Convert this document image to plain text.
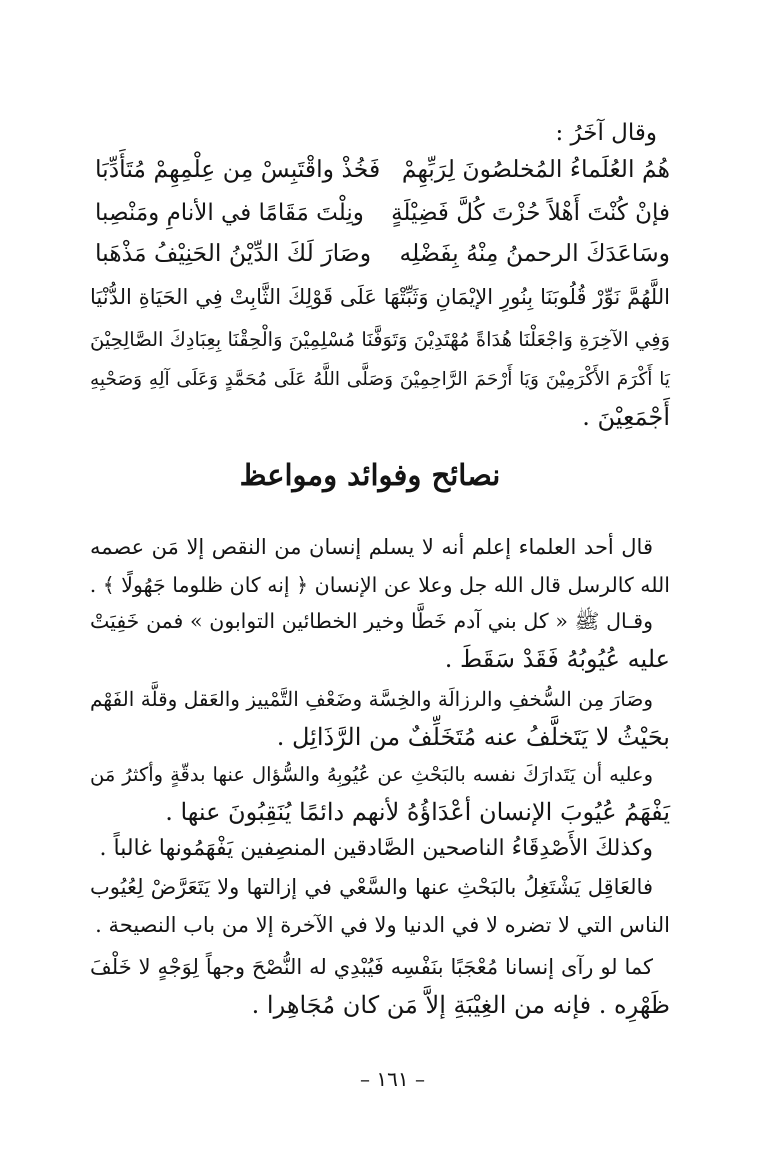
وقال آخَرُ :
هُمُ العُلَماءُ المُخلصُونَ لِرَبِّهِمْ
فَخُذْ واقْتَبِسْ مِن عِلْمِهِمْ مُتَأَدِّبَا
فإنْ كُنْتَ أَهْلاً حُزْتَ كُلَّ فَضِيْلَةٍ
ونِلْتَ مَقَامًا في الأنامِ ومَنْصِبا
وسَاعَدَكَ الرحمنُ مِنْهُ بِفَضْلِه
وصَارَ لَكَ الدِّيْنُ الحَنِيْفُ مَذْهَبا
اللَّهُمَّ نَوِّرْ قُلُوبَنَا بِنُورِ الإيْمَانِ وَثَبِّتْهَا عَلَى قَوْلِكَ الثَّابِتْ فِي الحَيَاةِ الدُّنْيَا
وَفِي الآخِرَةِ وَاجْعَلْنَا هُدَاةً مُهْتَدِيْنَ وَتَوَفَّنَا مُسْلِمِيْنَ وَالْحِقْنَا بِعِبَادِكَ الصَّالِحِيْنَ
يَا أَكْرَمَ الأَكْرَمِيْنَ وَيَا أَرْحَمَ الرَّاحِمِيْنَ وَصَلَّى اللَّهُ عَلَى مُحَمَّدٍ وَعَلَى آلِهِ وَصَحْبِهِ
أَجْمَعِيْنَ .
نصائح وفوائد ومواعظ
قال أحد العلماء إعلم أنه لا يسلم إنسان من النقص إلا مَن عصمه
الله كالرسل قال الله جل وعلا عن الإنسان ﴿ إنه كان ظلوما جَهُولًا ﴾ .
وقـال ﷺ « كل بني آدم خَطَّا وخير الخطائين التوابون » فمن خَفِيَتْ
عليه عُيُوبُهُ فَقَدْ سَقَطَ .
وصَارَ مِن السُّخفِ والرزالَة والخِسَّة وضَعْفِ التَّمْييز والعَقل وقلَّة الفَهْم
بحَيْثُ لا يَتَخلَّفُ عنه مُتَخَلِّفٌ من الرَّذَائِل .
وعليه أن يَتَدارَكَ نفسه بالبَحْثِ عن عُيُوبِهُ والسُّؤال عنها بدقّةٍ وأكثرُ مَن
يَفْهَمُ عُيُوبَ الإنسان أعْدَاؤُهُ لأنهم دائمًا يُنَقِبُونَ عنها .
وكذلكَ الأَصْدِقَاءُ الناصحين الصَّادقين المنصِفين يَفْهَمُونها غالباً .
فالعَاقِل يَشْتَغِلُ بالبَحْثِ عنها والسَّعْي في إزالتها ولا يَتَعَرَّضْ لِعُيُوب
الناس التي لا تضره لا في الدنيا ولا في الآخرة إلا من باب النصيحة .
كما لو رآى إنسانا مُعْجَبًا بنَفْسِه فَيُبْدِي له النُّصْحَ وجهاً لِوَجْهٍ لا خَلْفَ
ظَهْرِه . فإنه من الغِيْبَةِ إلاَّ مَن كان مُجَاهِرا .
– ١٦١ –
